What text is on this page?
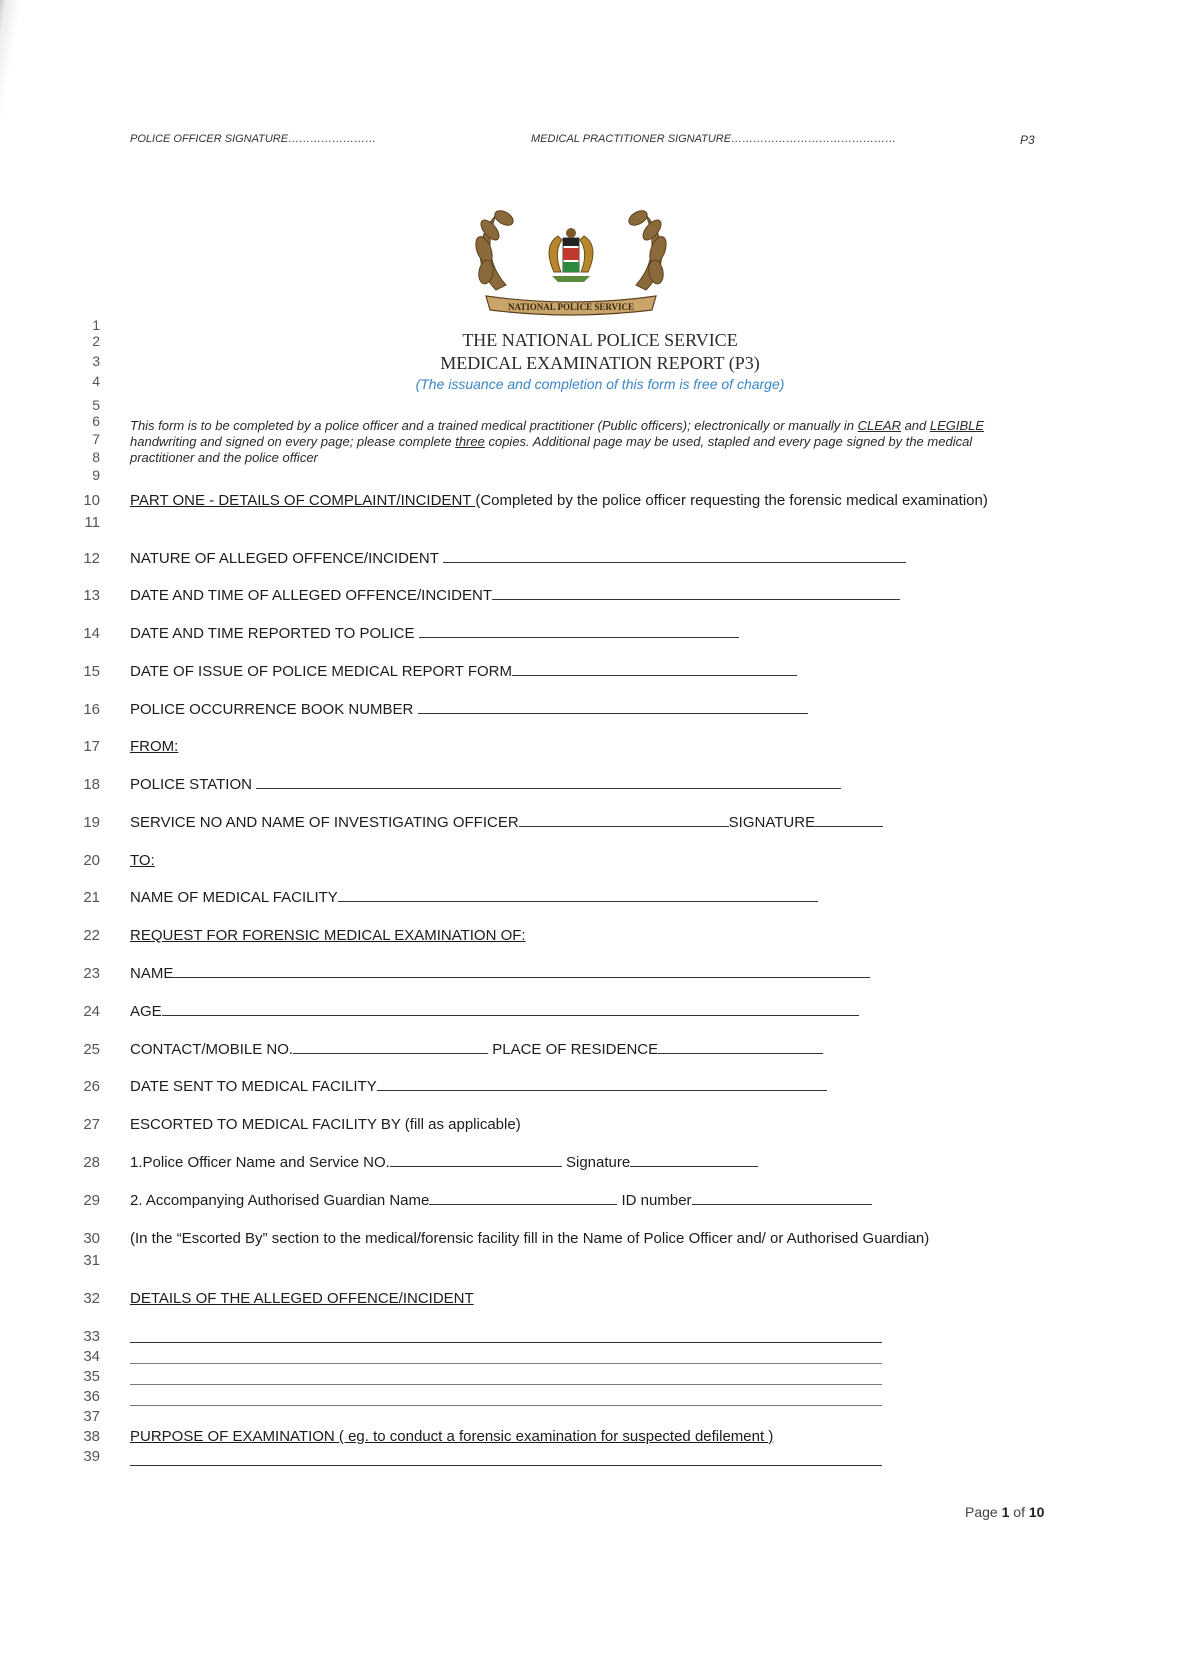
POLICE OFFICER SIGNATURE……………………	MEDICAL PRACTITIONER SIGNATURE………………………………………	P3
NATIONAL POLICE SERVICE
THE NATIONAL POLICE SERVICE
MEDICAL EXAMINATION REPORT (P3)
(The issuance and completion of this form is free of charge)
This form is to be completed by a police officer and a trained medical practitioner (Public officers); electronically or manually in CLEAR and LEGIBLE handwriting and signed on every page; please complete three copies. Additional page may be used, stapled and every page signed by the medical practitioner and the police officer
1
2
3
4
5
6
7
8
9
10
11
12
13
14
15
16
17
18
19
20
21
22
23
24
25
26
27
28
29
30
31
32
33
34
35
36
37
38
39
PART ONE - DETAILS OF COMPLAINT/INCIDENT (Completed by the police officer requesting the forensic medical examination)
NATURE OF ALLEGED OFFENCE/INCIDENT
DATE AND TIME OF ALLEGED OFFENCE/INCIDENT
DATE AND TIME REPORTED TO POLICE
DATE OF ISSUE OF POLICE MEDICAL REPORT FORM
POLICE OCCURRENCE BOOK NUMBER
FROM:
POLICE STATION
SERVICE NO AND NAME OF INVESTIGATING OFFICER	SIGNATURE
TO:
NAME OF MEDICAL FACILITY
REQUEST FOR FORENSIC MEDICAL EXAMINATION OF:
NAME
AGE
CONTACT/MOBILE NO.	PLACE OF RESIDENCE
DATE SENT TO MEDICAL FACILITY
ESCORTED TO MEDICAL FACILITY BY (fill as applicable)
1.Police Officer Name and Service NO.	Signature
2. Accompanying Authorised Guardian Name	ID number
(In the “Escorted By” section to the medical/forensic facility fill in the Name of Police Officer and/ or Authorised Guardian)
DETAILS OF THE ALLEGED OFFENCE/INCIDENT
PURPOSE OF EXAMINATION ( eg. to conduct a forensic examination for suspected defilement )
Page 1 of 10
